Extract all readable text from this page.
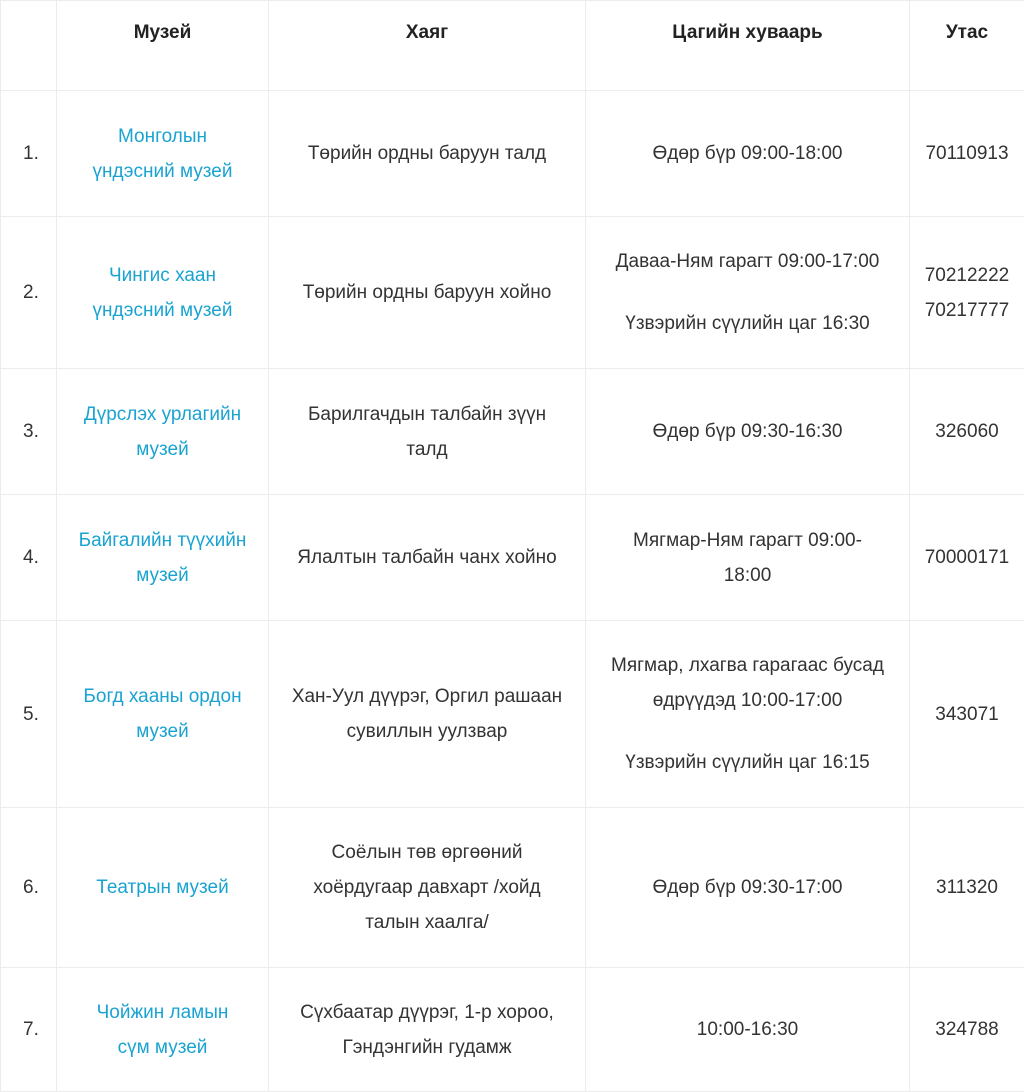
	Музей	Хаяг	Цагийн хуваарь	Утас
1.	Монголын
үндэсний музей	Төрийн ордны баруун талд	Өдөр бүр 09:00-18:00	70110913

2.	Чингис хаан
үндэсний музей	Төрийн ордны баруун хойно	Даваа-Ням гарагт 09:00-17:00
Үзвэрийн сүүлийн цаг 16:30	70212222
70217777

3.	Дүрслэх урлагийн
музей	Барилгачдын талбайн зүүн
талд	Өдөр бүр 09:30-16:30	326060

4.	Байгалийн түүхийн
музей	Ялалтын талбайн чанх хойно	Мягмар-Ням гарагт 09:00-
18:00	70000171

5.	Богд хааны ордон
музей	Хан-Уул дүүрэг, Оргил рашаан
сувиллын уулзвар	Мягмар, лхагва гарагаас бусад
өдрүүдэд 10:00-17:00
Үзвэрийн сүүлийн цаг 16:15	343071

6.	Театрын музей	Соёлын төв өргөөний
хоёрдугаар давхарт /хойд
талын хаалга/	Өдөр бүр 09:30-17:00	311320

7.	Чойжин ламын
сүм музей	Сүхбаатар дүүрэг, 1-р хороо,
Гэндэнгийн гудамж	10:00-16:30	324788
